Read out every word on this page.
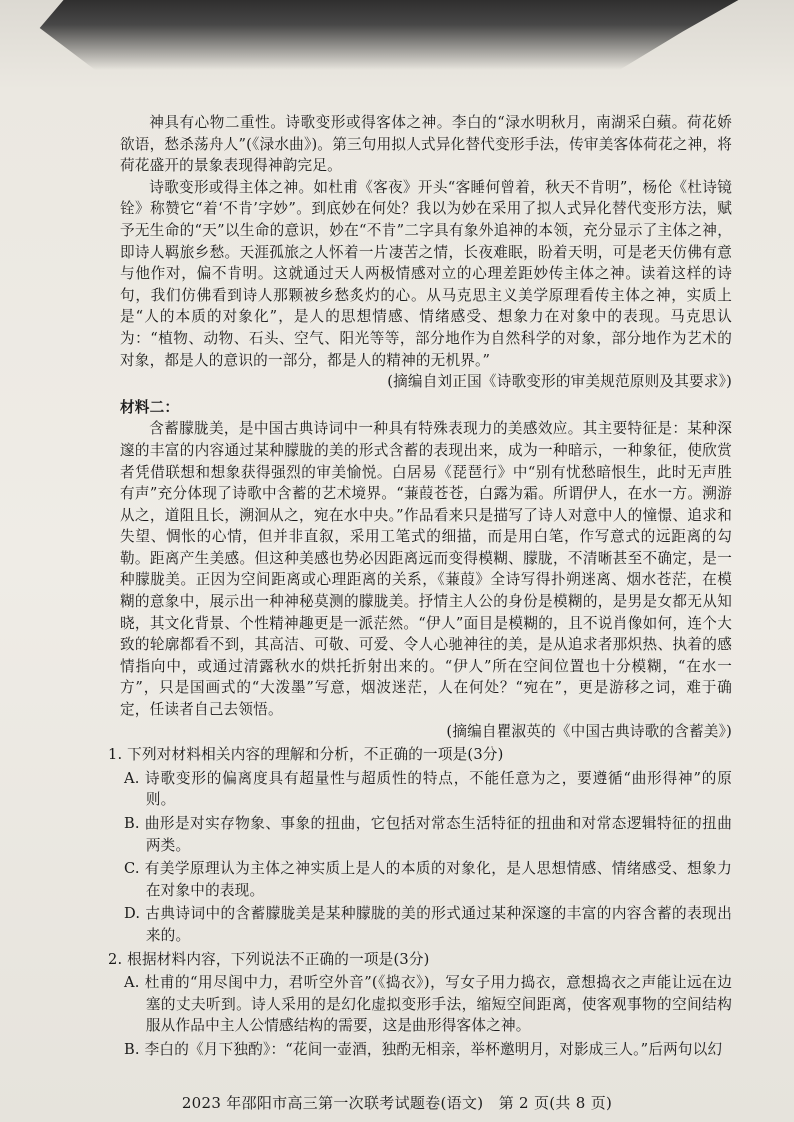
神具有心物二重性。诗歌变形或得客体之神。李白的“渌水明秋月，南湖采白蘋。荷花娇欲语，愁杀荡舟人”(《渌水曲》)。第三句用拟人式异化替代变形手法，传审美客体荷花之神，将荷花盛开的景象表现得神韵完足。

诗歌变形或得主体之神。如杜甫《客夜》开头“客睡何曾着，秋天不肯明”，杨伦《杜诗镜铨》称赞它“着‘不肯’字妙”。到底妙在何处？我以为妙在采用了拟人式异化替代变形方法，赋予无生命的“天”以生命的意识，妙在“不肯”二字具有象外追神的本领，充分显示了主体之神，即诗人羁旅乡愁。天涯孤旅之人怀着一片凄苦之情，长夜难眠，盼着天明，可是老天仿佛有意与他作对，偏不肯明。这就通过天人两极情感对立的心理差距妙传主体之神。读着这样的诗句，我们仿佛看到诗人那颗被乡愁炙灼的心。从马克思主义美学原理看传主体之神，实质上是“人的本质的对象化”，是人的思想情感、情绪感受、想象力在对象中的表现。马克思认为：“植物、动物、石头、空气、阳光等等，部分地作为自然科学的对象，部分地作为艺术的对象，都是人的意识的一部分，都是人的精神的无机界。”

(摘编自刘正国《诗歌变形的审美规范原则及其要求》)

材料二：

含蓄朦胧美，是中国古典诗词中一种具有特殊表现力的美感效应。其主要特征是：某种深邃的丰富的内容通过某种朦胧的美的形式含蓄的表现出来，成为一种暗示，一种象征，使欣赏者凭借联想和想象获得强烈的审美愉悦。白居易《琵琶行》中“别有忧愁暗恨生，此时无声胜有声”充分体现了诗歌中含蓄的艺术境界。“蒹葭苍苍，白露为霜。所谓伊人，在水一方。溯游从之，道阻且长，溯洄从之，宛在水中央。”作品看来只是描写了诗人对意中人的憧憬、追求和失望、惆怅的心情，但并非直叙，采用工笔式的细描，而是用白笔，作写意式的远距离的勾勒。距离产生美感。但这种美感也势必因距离远而变得模糊、朦胧，不清晰甚至不确定，是一种朦胧美。正因为空间距离或心理距离的关系，《蒹葭》全诗写得扑朔迷离、烟水苍茫，在模糊的意象中，展示出一种神秘莫测的朦胧美。抒情主人公的身份是模糊的，是男是女都无从知晓，其文化背景、个性精神趣更是一派茫然。“伊人”面目是模糊的，且不说肖像如何，连个大致的轮廓都看不到，其高洁、可敬、可爱、令人心驰神往的美，是从追求者那炽热、执着的感情指向中，或通过清露秋水的烘托折射出来的。“伊人”所在空间位置也十分模糊，“在水一方”，只是国画式的“大泼墨”写意，烟波迷茫，人在何处？“宛在”，更是游移之词，难于确定，任读者自己去领悟。

(摘编自瞿淑英的《中国古典诗歌的含蓄美》)

1. 下列对材料相关内容的理解和分析，不正确的一项是(3分)

A. 诗歌变形的偏离度具有超量性与超质性的特点，不能任意为之，要遵循“曲形得神”的原则。

B. 曲形是对实存物象、事象的扭曲，它包括对常态生活特征的扭曲和对常态逻辑特征的扭曲两类。

C. 有美学原理认为主体之神实质上是人的本质的对象化，是人思想情感、情绪感受、想象力在对象中的表现。

D. 古典诗词中的含蓄朦胧美是某种朦胧的美的形式通过某种深邃的丰富的内容含蓄的表现出来的。

2. 根据材料内容，下列说法不正确的一项是(3分)

A. 杜甫的“用尽闺中力，君听空外音”(《捣衣》)，写女子用力捣衣，意想捣衣之声能让远在边塞的丈夫听到。诗人采用的是幻化虚拟变形手法，缩短空间距离，使客观事物的空间结构服从作品中主人公情感结构的需要，这是曲形得客体之神。

B. 李白的《月下独酌》：“花间一壶酒，独酌无相亲，举杯邀明月，对影成三人。”后两句以幻

2023 年邵阳市高三第一次联考试题卷(语文)　第 2 页(共 8 页)
